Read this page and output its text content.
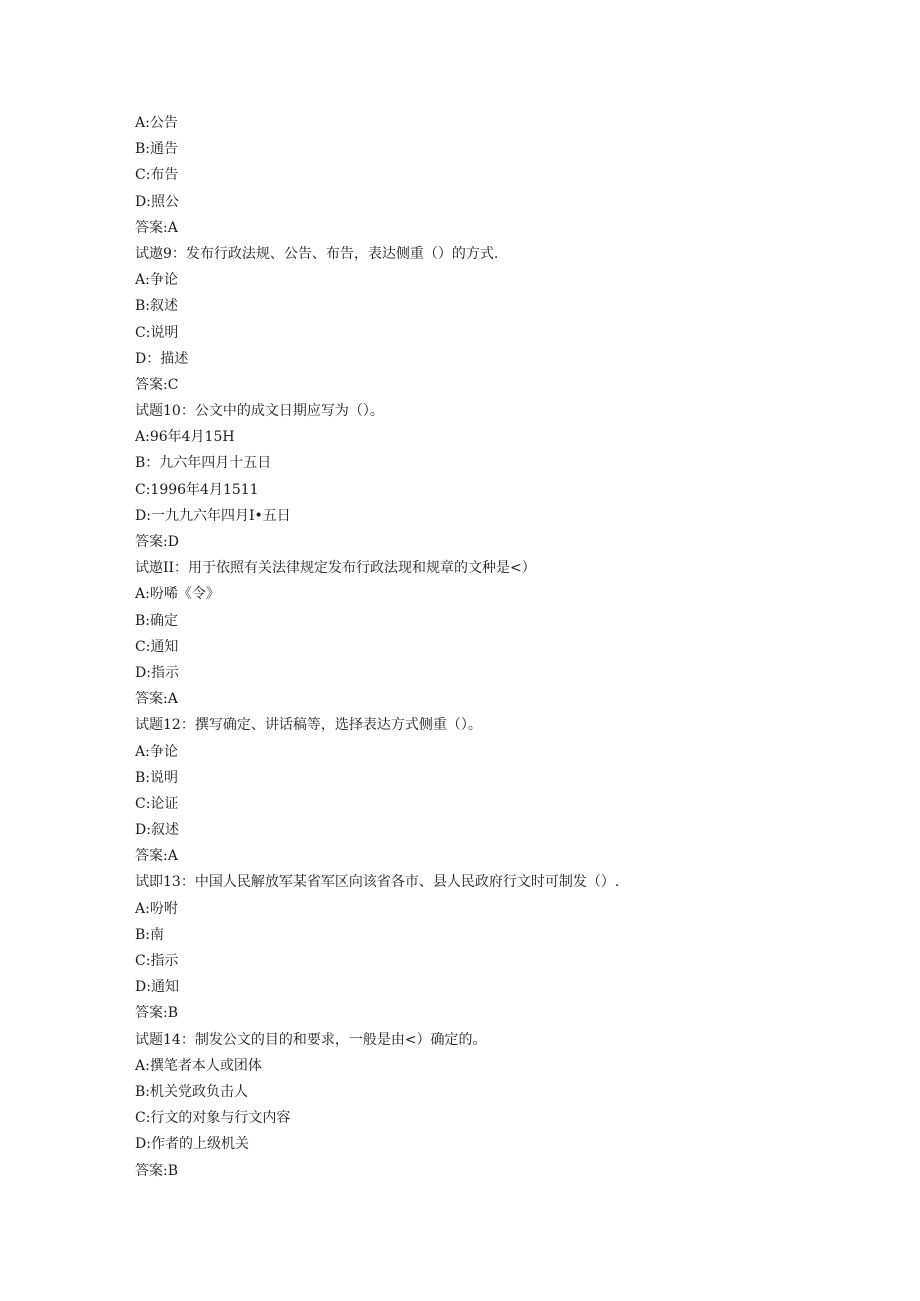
A:公告
B:通告
C:布告
D:照公
答案:A
试遨9：发布行政法规、公告、布告，表达侧重（）的方式.
A:争论
B:叙述
C:说明
D：描述
答案:C
试题10：公文中的成文日期应写为（）。
A:96年4月15H
B：九六年四月十五日
C:1996年4月1511
D:一九九六年四月I•五日
答案:D
试遨II：用于依照有关法律规定发布行政法现和规章的文种是<）
A:吩唏《令》
B:确定
C:通知
D:指示
答案:A
试题12：撰写确定、讲话稿等，选择表达方式侧重（）。
A:争论
B:说明
C:论证
D:叙述
答案:A
试即13：中国人民解放军某省军区向该省各市、县人民政府行文时可制发（）.
A:吩咐
B:南
C:指示
D:通知
答案:B
试题14：制发公文的目的和要求，一般是由<）确定的。
A:撰笔者本人或团体
B:机关党政负击人
C:行文的对象与行文内容
D:作者的上级机关
答案:B
